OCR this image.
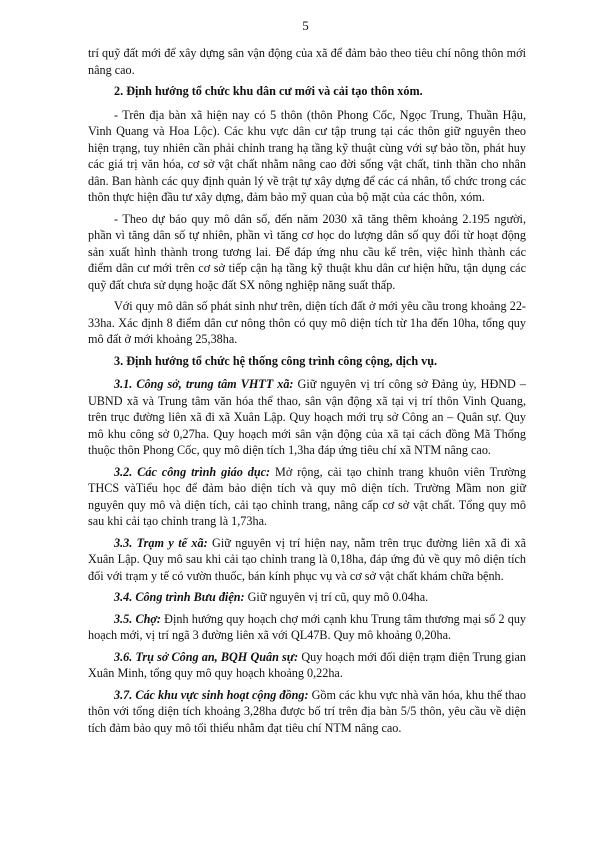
5

trí quỹ đất mới để xây dựng sân vận động của xã để đảm bảo theo tiêu chí nông thôn mới nâng cao.

2. Định hướng tổ chức khu dân cư mới và cải tạo thôn xóm.

- Trên địa bàn xã hiện nay có 5 thôn (thôn Phong Cốc, Ngọc Trung, Thuần Hậu, Vinh Quang và Hoa Lộc). Các khu vực dân cư tập trung tại các thôn giữ nguyên theo hiện trạng, tuy nhiên cần phải chỉnh trang hạ tầng kỹ thuật cùng với sự bảo tồn, phát huy các giá trị văn hóa, cơ sở vật chất nhằm nâng cao đời sống vật chất, tinh thần cho nhân dân. Ban hành các quy định quản lý về trật tự xây dựng để các cá nhân, tổ chức trong các thôn thực hiện đầu tư xây dựng, đảm bảo mỹ quan của bộ mặt của các thôn, xóm.

- Theo dự báo quy mô dân số, đến năm 2030 xã tăng thêm khoảng 2.195 người, phần vì tăng dân số tự nhiên, phần vì tăng cơ học do lượng dân số quy đổi từ hoạt động sản xuất hình thành trong tương lai. Để đáp ứng nhu cầu kể trên, việc hình thành các điểm dân cư mới trên cơ sở tiếp cận hạ tầng kỹ thuật khu dân cư hiện hữu, tận dụng các quỹ đất chưa sử dụng hoặc đất SX nông nghiệp năng suất thấp.

Với quy mô dân số phát sinh như trên, diện tích đất ở mới yêu cầu trong khoảng 22-33ha. Xác định 8 điểm dân cư nông thôn có quy mô diện tích từ 1ha đến 10ha, tổng quy mô đất ở mới khoảng 25,38ha.

3. Định hướng tổ chức hệ thống công trình công cộng, dịch vụ.

3.1. Công sở, trung tâm VHTT xã: Giữ nguyên vị trí công sở Đảng ủy, HĐND – UBND xã và Trung tâm văn hóa thể thao, sân vận động xã tại vị trí thôn Vinh Quang, trên trục đường liên xã đi xã Xuân Lập. Quy hoạch mới trụ sở Công an – Quân sự. Quy mô khu công sở 0,27ha. Quy hoạch mới sân vận động của xã tại cách đồng Mã Thống thuộc thôn Phong Cốc, quy mô diện tích 1,3ha đáp ứng tiêu chí xã NTM nâng cao.

3.2. Các công trình giáo dục: Mở rộng, cải tạo chỉnh trang khuôn viên Trường THCS vàTiểu học để đảm bảo diện tích và quy mô diện tích. Trường Mầm non giữ nguyên quy mô và diện tích, cải tạo chỉnh trang, nâng cấp cơ sở vật chất. Tổng quy mô sau khi cải tạo chỉnh trang là 1,73ha.

3.3. Trạm y tế xã: Giữ nguyên vị trí hiện nay, nằm trên trục đường liên xã đi xã Xuân Lập. Quy mô sau khi cải tạo chỉnh trang là 0,18ha, đáp ứng đủ về quy mô diện tích đối với trạm y tế có vườn thuốc, bán kính phục vụ và cơ sở vật chất khám chữa bệnh.

3.4. Công trình Bưu điện: Giữ nguyên vị trí cũ, quy mô 0.04ha.

3.5. Chợ: Định hướng quy hoạch chợ mới cạnh khu Trung tâm thương mại số 2 quy hoạch mới, vị trí ngã 3 đường liên xã với QL47B. Quy mô khoảng 0,20ha.

3.6. Trụ sở Công an, BQH Quân sự: Quy hoạch mới đối diện trạm điện Trung gian Xuân Minh, tổng quy mô quy hoạch khoảng 0,22ha.

3.7. Các khu vực sinh hoạt cộng đồng: Gồm các khu vực nhà văn hóa, khu thể thao thôn với tổng diện tích khoảng 3,28ha được bố trí trên địa bàn 5/5 thôn, yêu cầu về diện tích đảm bảo quy mô tối thiểu nhằm đạt tiêu chí NTM nâng cao.
